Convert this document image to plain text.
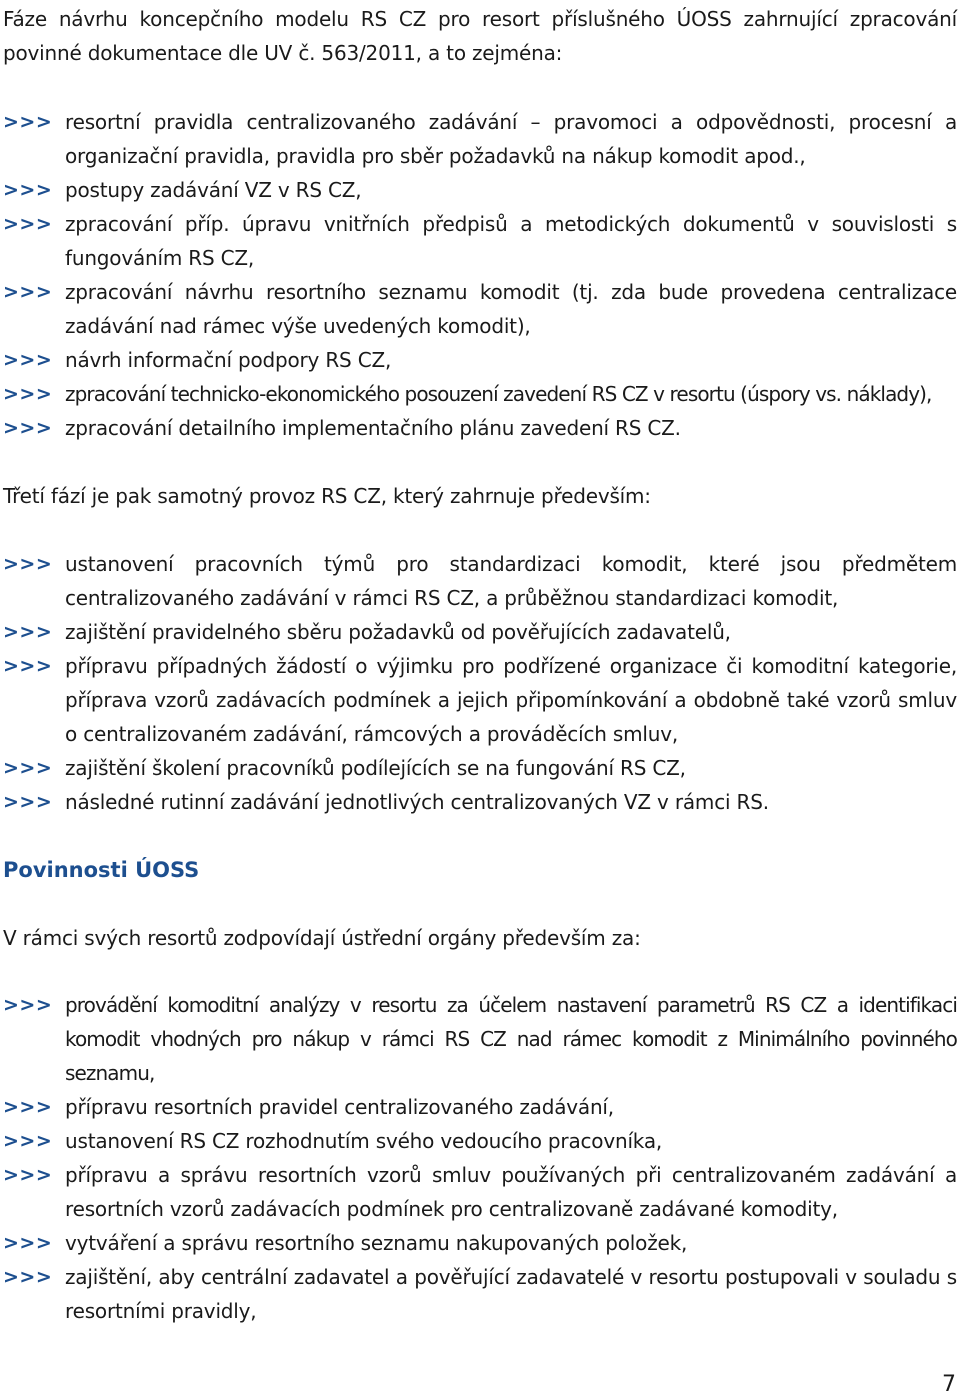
Fáze návrhu koncepčního modelu RS CZ pro resort příslušného ÚOSS zahrnující zpracování povinné dokumentace dle UV č. 563/2011, a to zejména:

>>> resortní pravidla centralizovaného zadávání – pravomoci a odpovědnosti, procesní a organizační pravidla, pravidla pro sběr požadavků na nákup komodit apod.,
>>> postupy zadávání VZ v RS CZ,
>>> zpracování příp. úpravu vnitřních předpisů a metodických dokumentů v souvislosti s fungováním RS CZ,
>>> zpracování návrhu resortního seznamu komodit (tj. zda bude provedena centralizace zadávání nad rámec výše uvedených komodit),
>>> návrh informační podpory RS CZ,
>>> zpracování technicko-ekonomického posouzení zavedení RS CZ v resortu (úspory vs. náklady),
>>> zpracování detailního implementačního plánu zavedení RS CZ.

Třetí fází je pak samotný provoz RS CZ, který zahrnuje především:

>>> ustanovení pracovních týmů pro standardizaci komodit, které jsou předmětem centralizovaného zadávání v rámci RS CZ, a průběžnou standardizaci komodit,
>>> zajištění pravidelného sběru požadavků od pověřujících zadavatelů,
>>> přípravu případných žádostí o výjimku pro podřízené organizace či komoditní kategorie, příprava vzorů zadávacích podmínek a jejich připomínkování a obdobně také vzorů smluv o centralizovaném zadávání, rámcových a prováděcích smluv,
>>> zajištění školení pracovníků podílejících se na fungování RS CZ,
>>> následné rutinní zadávání jednotlivých centralizovaných VZ v rámci RS.
Povinnosti ÚOSS

V rámci svých resortů zodpovídají ústřední orgány především za:

>>> provádění komoditní analýzy v resortu za účelem nastavení parametrů RS CZ a identifikaci komodit vhodných pro nákup v rámci RS CZ nad rámec komodit z Minimálního povinného seznamu,
>>> přípravu resortních pravidel centralizovaného zadávání,
>>> ustanovení RS CZ rozhodnutím svého vedoucího pracovníka,
>>> přípravu a správu resortních vzorů smluv používaných při centralizovaném zadávání a resortních vzorů zadávacích podmínek pro centralizovaně zadávané komodity,
>>> vytváření a správu resortního seznamu nakupovaných položek,
>>> zajištění, aby centrální zadavatel a pověřující zadavatelé v resortu postupovali v souladu s resortními pravidly,
7
